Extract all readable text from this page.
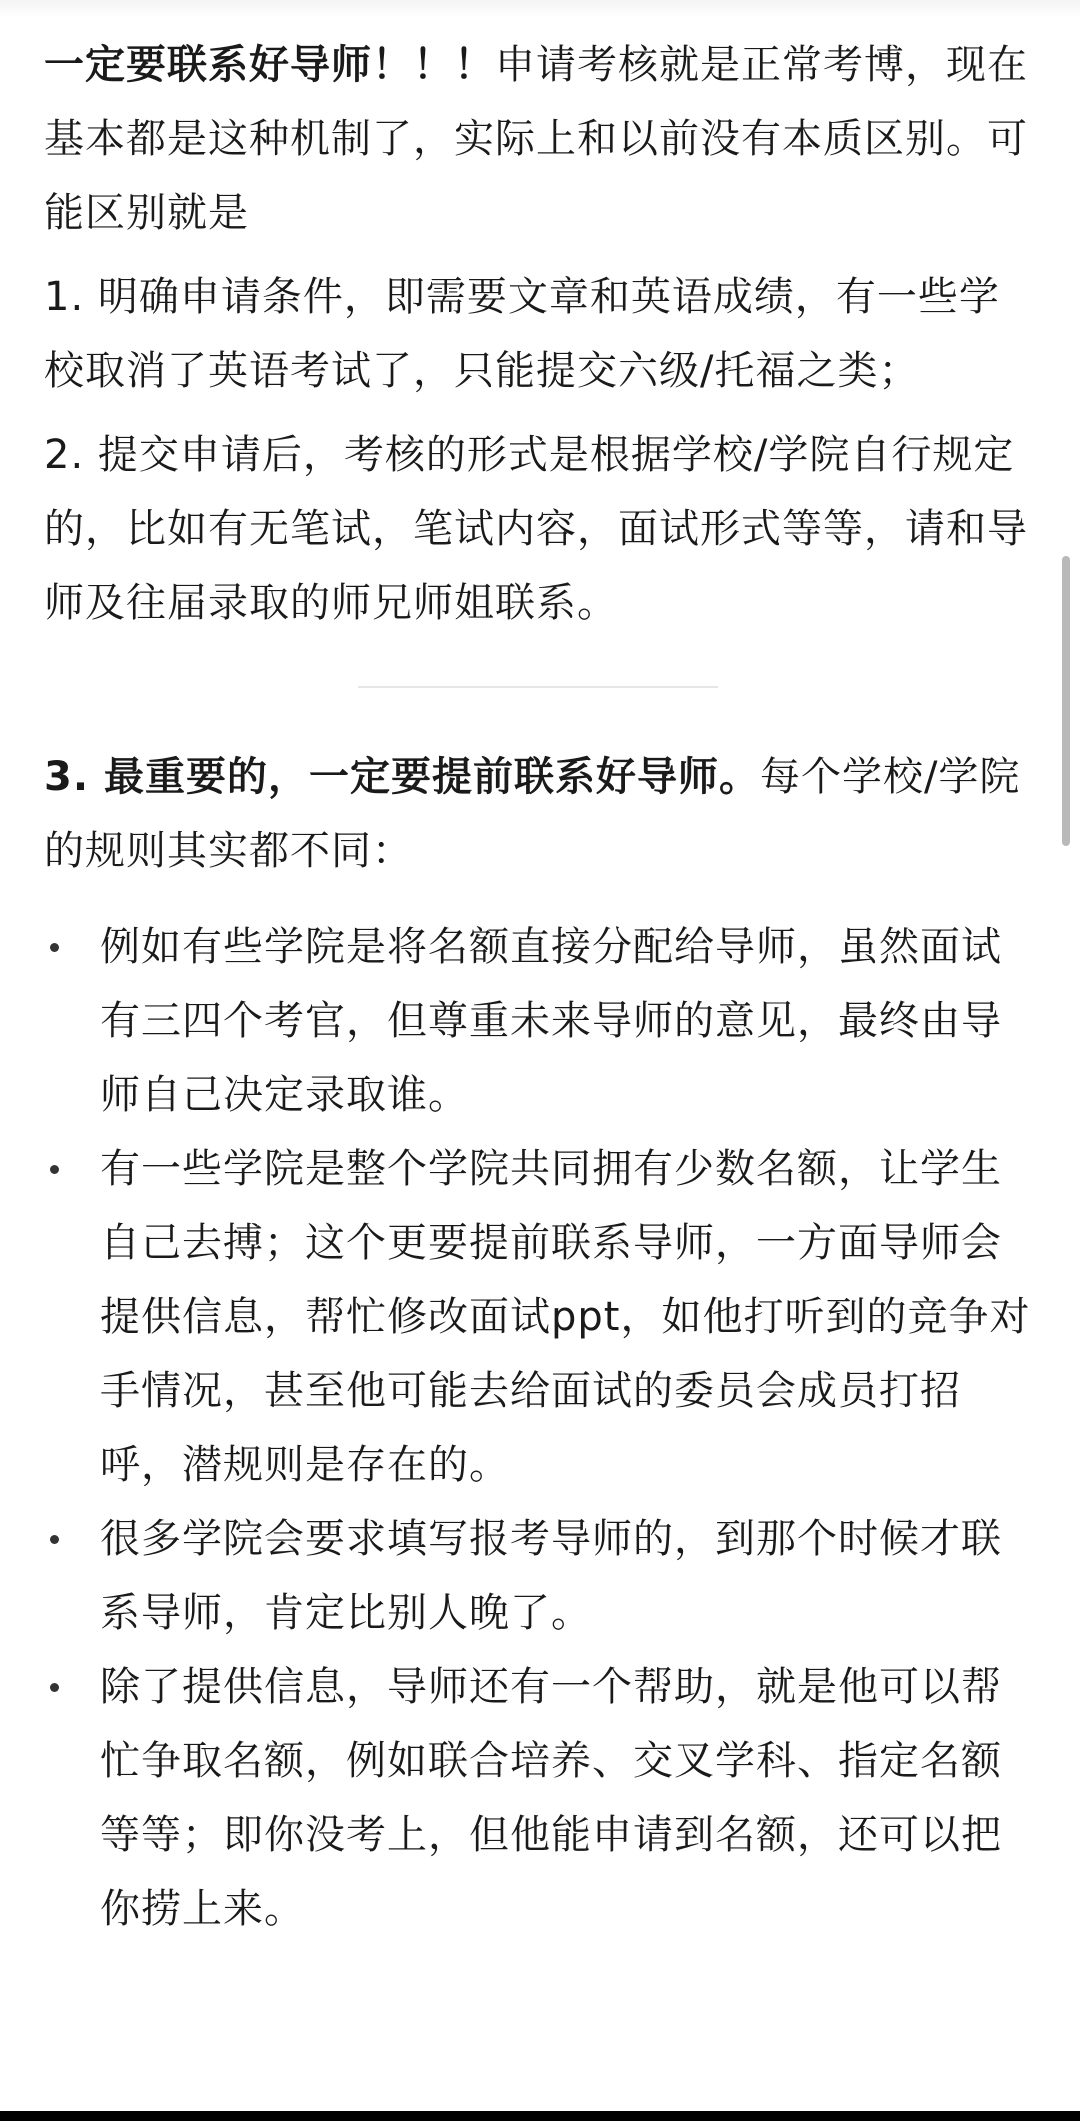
一定要联系好导师！！！申请考核就是正常考博，现在基本都是这种机制了，实际上和以前没有本质区别。可能区别就是

1. 明确申请条件，即需要文章和英语成绩，有一些学校取消了英语考试了，只能提交六级/托福之类；

2. 提交申请后，考核的形式是根据学校/学院自行规定的，比如有无笔试，笔试内容，面试形式等等，请和导师及往届录取的师兄师姐联系。

3. 最重要的，一定要提前联系好导师。每个学校/学院的规则其实都不同：

例如有些学院是将名额直接分配给导师，虽然面试有三四个考官，但尊重未来导师的意见，最终由导师自己决定录取谁。
有一些学院是整个学院共同拥有少数名额，让学生自己去搏；这个更要提前联系导师，一方面导师会提供信息，帮忙修改面试ppt，如他打听到的竞争对手情况，甚至他可能去给面试的委员会成员打招呼，潜规则是存在的。
很多学院会要求填写报考导师的，到那个时候才联系导师，肯定比别人晚了。
除了提供信息，导师还有一个帮助，就是他可以帮忙争取名额，例如联合培养、交叉学科、指定名额等等；即你没考上，但他能申请到名额，还可以把你捞上来。
